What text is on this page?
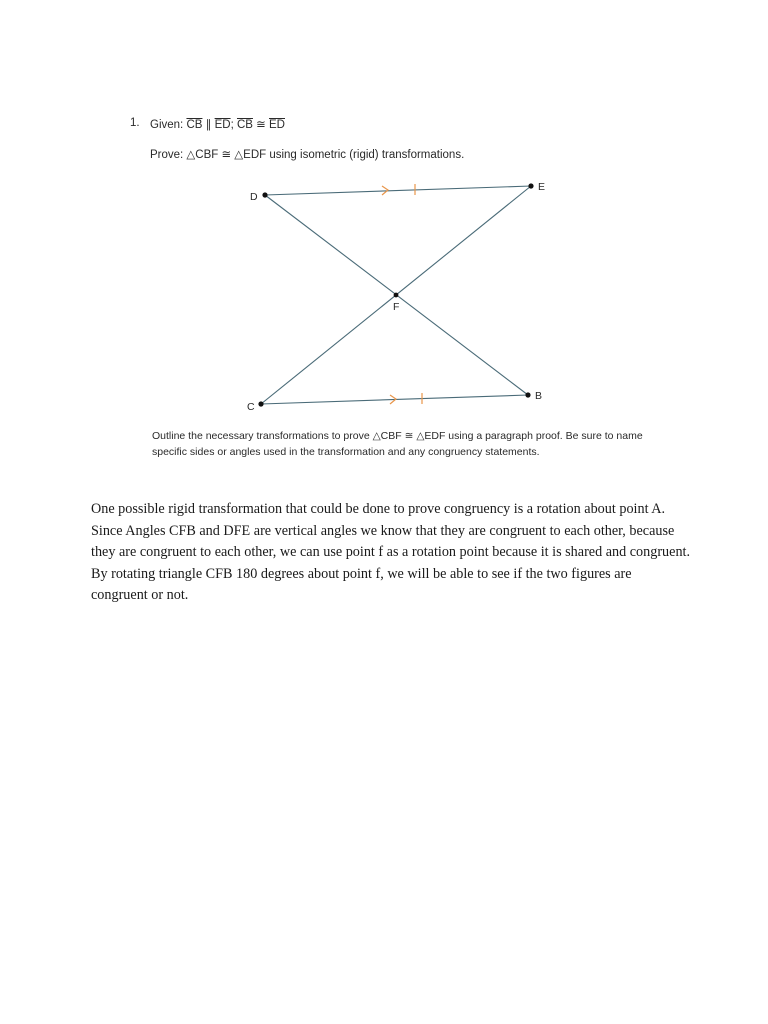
1. Given: $\overline{CB}$ ∥ $\overline{ED}$; $\overline{CB}$ ≅ $\overline{ED}$
Prove: △CBF ≅ △EDF using isometric (rigid) transformations.
D
E
F
C
B
Outline the necessary transformations to prove △CBF ≅ △EDF using a paragraph proof. Be sure to name specific sides or angles used in the transformation and any congruency statements.
One possible rigid transformation that could be done to prove congruency is a rotation about point A. Since Angles CFB and DFE are vertical angles we know that they are congruent to each other, because they are congruent to each other, we can use point f as a rotation point because it is shared and congruent. By rotating triangle CFB 180 degrees about point f, we will be able to see if the two figures are congruent or not.
